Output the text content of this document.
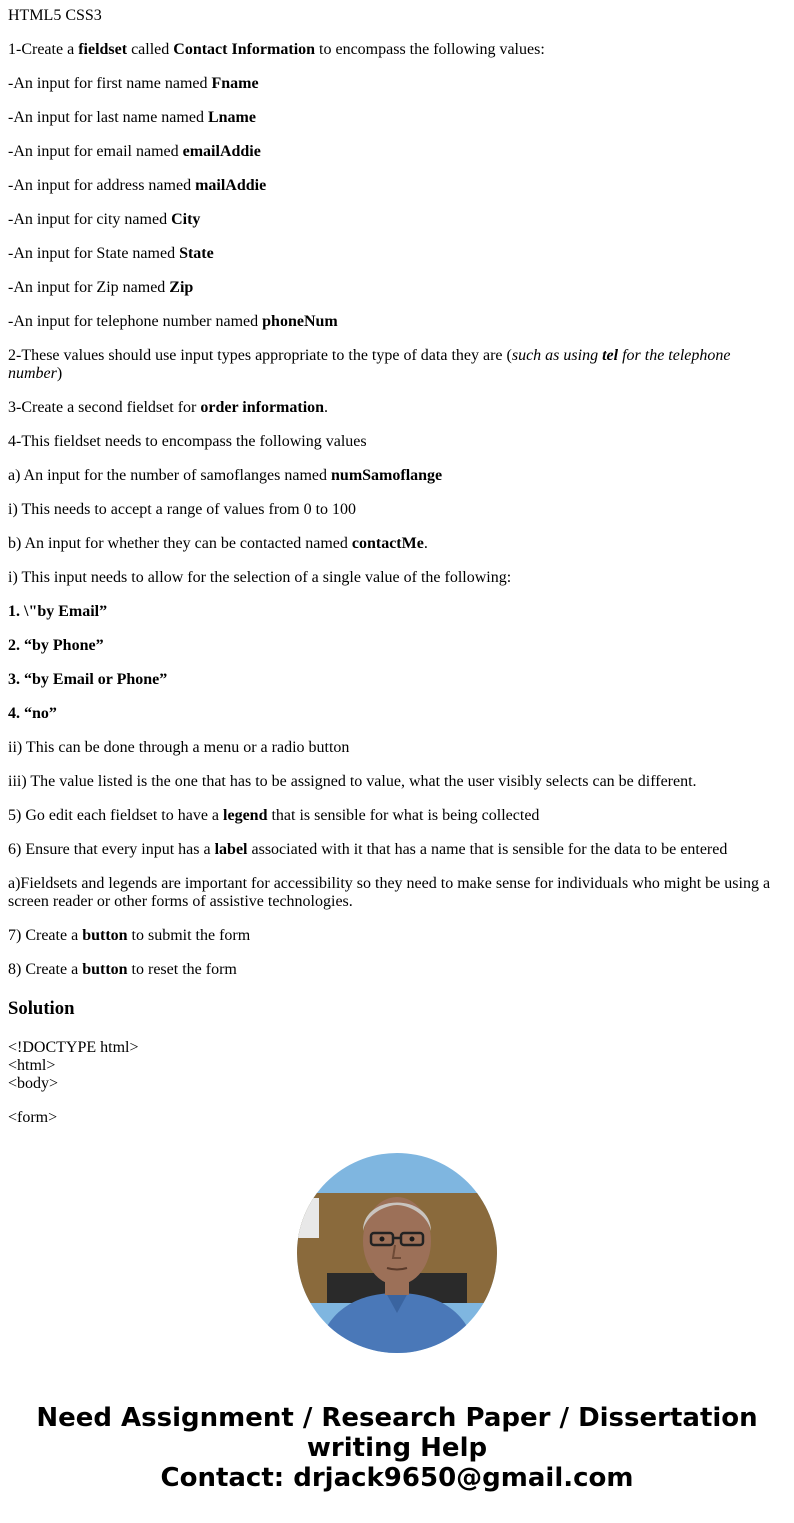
HTML5 CSS3

1-Create a fieldset called Contact Information to encompass the following values:

-An input for first name named Fname

-An input for last name named Lname

-An input for email named emailAddie

-An input for address named mailAddie

-An input for city named City

-An input for State named State

-An input for Zip named Zip

-An input for telephone number named phoneNum

2-These values should use input types appropriate to the type of data they are (such as using tel for the telephone number)

3-Create a second fieldset for order information.

4-This fieldset needs to encompass the following values

a) An input for the number of samoflanges named numSamoflange

i) This needs to accept a range of values from 0 to 100

b) An input for whether they can be contacted named contactMe.

i) This input needs to allow for the selection of a single value of the following:

1. \"by Email”

2. “by Phone”

3. “by Email or Phone”

4. “no”

ii) This can be done through a menu or a radio button

iii) The value listed is the one that has to be assigned to value, what the user visibly selects can be different.

5) Go edit each fieldset to have a legend that is sensible for what is being collected

6) Ensure that every input has a label associated with it that has a name that is sensible for the data to be entered

a)Fieldsets and legends are important for accessibility so they need to make sense for individuals who might be using a screen reader or other forms of assistive technologies.

7) Create a button to submit the form

8) Create a button to reset the form

Solution
<!DOCTYPE html>
<html>
<body>

<form>

Need Assignment / Research Paper / Dissertation
writing Help
Contact: drjack9650@gmail.com
